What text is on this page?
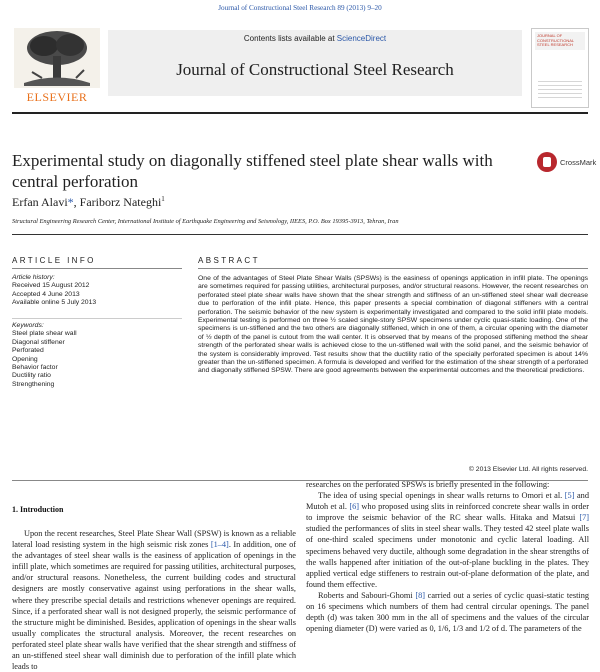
Journal of Constructional Steel Research 89 (2013) 9–20
Contents lists available at ScienceDirect
Journal of Constructional Steel Research
ELSEVIER
JOURNAL OF CONSTRUCTIONAL STEEL RESEARCH
Experimental study on diagonally stiffened steel plate shear walls with central perforation
CrossMark
Erfan Alavi*, Fariborz Nateghi$^1$
Structural Engineering Research Center, International Institute of Earthquake Engineering and Seismology, IIEES, P.O. Box 19395-3913, Tehran, Iran
ARTICLE INFO	ABSTRACT
Article history:
Received 15 August 2012
Accepted 4 June 2013
Available online 5 July 2013
Keywords:
Steel plate shear wall
Diagonal stiffener
Perforated
Opening
Behavior factor
Ductility ratio
Strengthening
One of the advantages of Steel Plate Shear Walls (SPSWs) is the easiness of openings application in infill plate. The openings are sometimes required for passing utilities, architectural purposes, and/or structural reasons. However, the recent researches on perforated steel plate shear walls have shown that the shear strength and stiffness of an un-stiffened steel shear wall decrease due to perforation of the infill plate. Hence, this paper presents a special combination of diagonal stiffeners with a central perforation. The seismic behavior of the new system is experimentally investigated and compared to the solid infill plate models. Experimental testing is performed on three ½ scaled single-story SPSW specimens under cyclic quasi-static loading. One of the specimens is un-stiffened and the two others are diagonally stiffened, which in one of them, a circular opening with the diameter of ½ depth of the panel is cutout from the wall center. It is observed that by means of the proposed stiffening method the shear strength of the perforated shear walls is achieved close to the un-stiffened wall with the solid panel, and the seismic behavior of the system is considerably improved. Test results show that the ductility ratio of the specially perforated specimen is about 14% greater than the un-stiffened specimen. A formula is developed and verified for the estimation of the shear strength of a perforated and diagonally stiffened SPSW. There are good agreements between the experimental outcomes and the theoretical predictions.
© 2013 Elsevier Ltd. All rights reserved.
1. Introduction

Upon the recent researches, Steel Plate Shear Wall (SPSW) is known as a reliable lateral load resisting system in the high seismic risk zones [1–4]. In addition, one of the advantages of steel shear walls is the easiness of application of openings in the infill plate, which sometimes are required for passing utilities, architectural purposes, and/or structural reasons. Nonetheless, the current building codes and structural designers are mostly conservative against using perforations in the shear walls, where they prescribe special details and restrictions whenever openings are required. Since, if a perforated shear wall is not designed properly, the seismic performance of the structure might be diminished. Besides, application of openings in the shear walls usually complicates the structural analysis. Moreover, the recent researches on perforated steel plate shear walls have verified that the shear strength and stiffness of an un-stiffened steel shear wall diminish due to perforation of the infill plate which leads to

researches on the perforated SPSWs is briefly presented in the following:

The idea of using special openings in shear walls returns to Omori et al. [5] and Mutoh et al. [6] who proposed using slits in reinforced concrete shear walls in order to improve the seismic behavior of the RC shear walls. Hitaka and Matsui [7] studied the performances of slits in steel shear walls. They tested 42 steel plate walls of one-third scaled specimens under monotonic and cyclic lateral loading. All specimens behaved very ductile, although some degradation in the shear strengths of the walls happened after initiation of the out-of-plane buckling in the plates. They applied vertical edge stiffeners to restrain out-of-plane deformation of the plate, and found them effective.

Roberts and Sabouri-Ghomi [8] carried out a series of cyclic quasi-static testing on 16 specimens which numbers of them had central circular openings. The panel depth (d) was taken 300 mm in the all of specimens and the values of the circular opening diameter (D) were varied as 0, 1/6, 1/3 and 1/2 of d. The parameters of the
